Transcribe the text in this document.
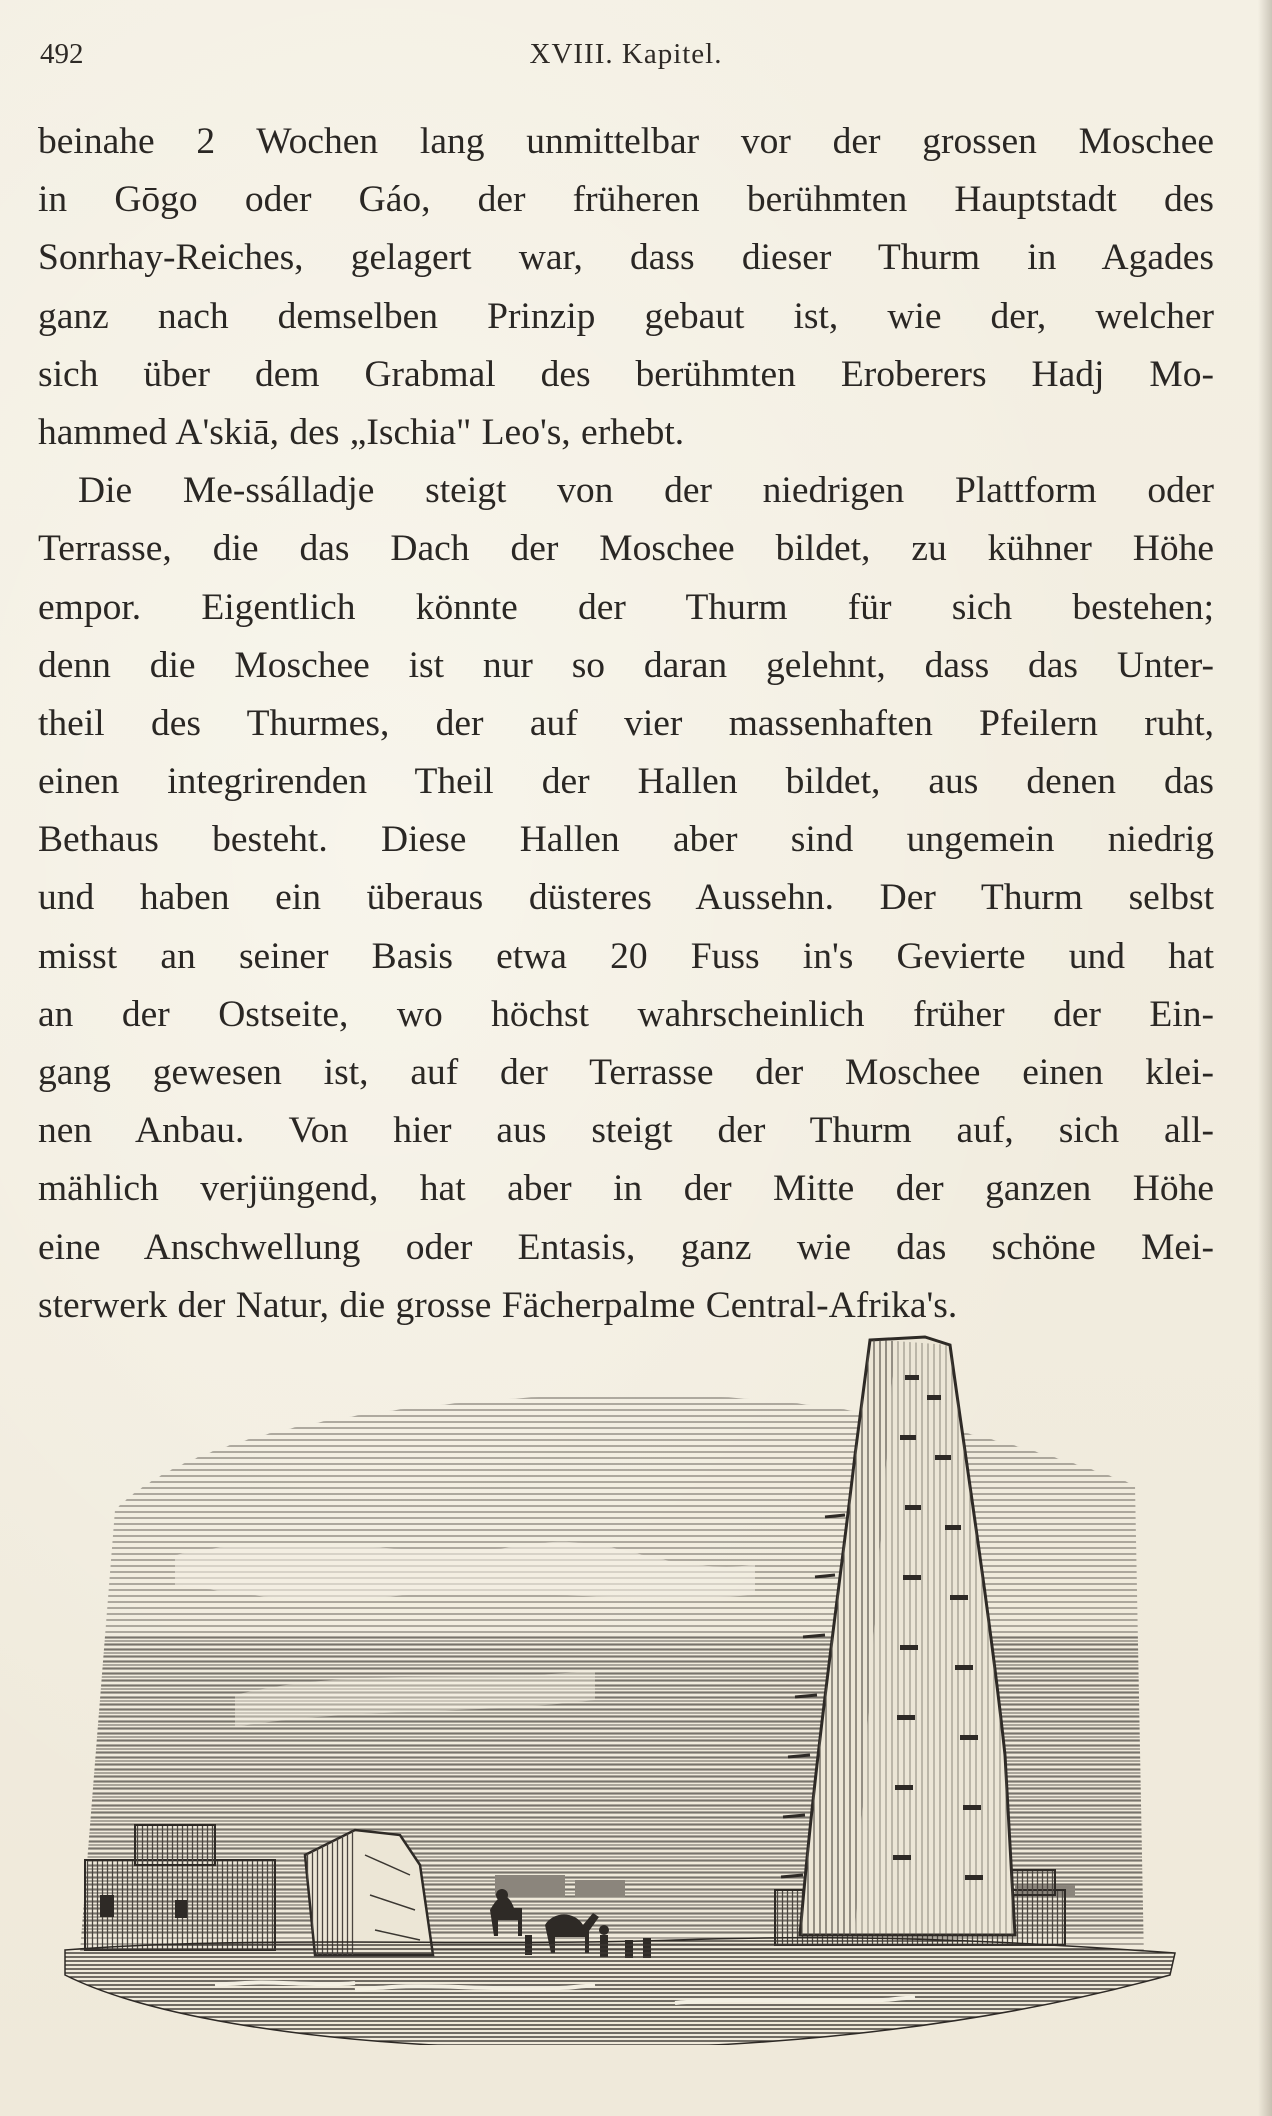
492	XVIII. Kapitel.
beinahe 2 Wochen lang unmittelbar vor der grossen Moschee
in Gōgo oder Gáo, der früheren berühmten Hauptstadt des
Sonrhay-Reiches, gelagert war, dass dieser Thurm in Agades
ganz nach demselben Prinzip gebaut ist, wie der, welcher
sich über dem Grabmal des berühmten Eroberers Hadj Mo-
hammed A'skiā, des „Ischia" Leo's, erhebt.
Die Me-ssálladje steigt von der niedrigen Plattform oder
Terrasse, die das Dach der Moschee bildet, zu kühner Höhe
empor. Eigentlich könnte der Thurm für sich bestehen;
denn die Moschee ist nur so daran gelehnt, dass das Unter-
theil des Thurmes, der auf vier massenhaften Pfeilern ruht,
einen integrirenden Theil der Hallen bildet, aus denen das
Bethaus besteht. Diese Hallen aber sind ungemein niedrig
und haben ein überaus düsteres Aussehn. Der Thurm selbst
misst an seiner Basis etwa 20 Fuss in's Gevierte und hat
an der Ostseite, wo höchst wahrscheinlich früher der Ein-
gang gewesen ist, auf der Terrasse der Moschee einen klei-
nen Anbau. Von hier aus steigt der Thurm auf, sich all-
mählich verjüngend, hat aber in der Mitte der ganzen Höhe
eine Anschwellung oder Entasis, ganz wie das schöne Mei-
sterwerk der Natur, die grosse Fächerpalme Central-Afrika's.
